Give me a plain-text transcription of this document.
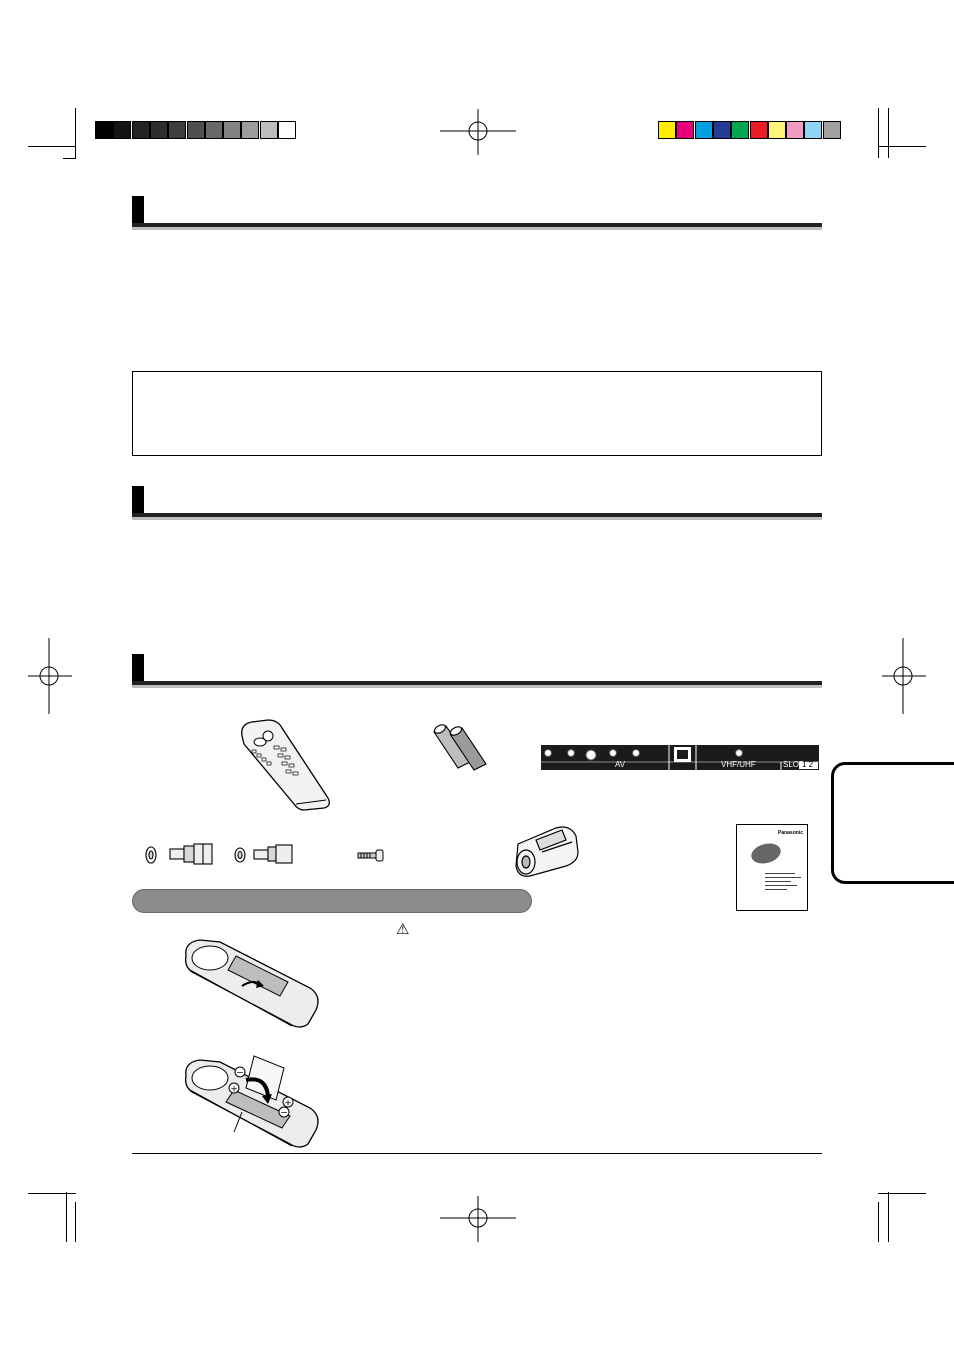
AV	VHF/UHF	SLOT
1 2
Panasonic
⚠
−
+
+
−
